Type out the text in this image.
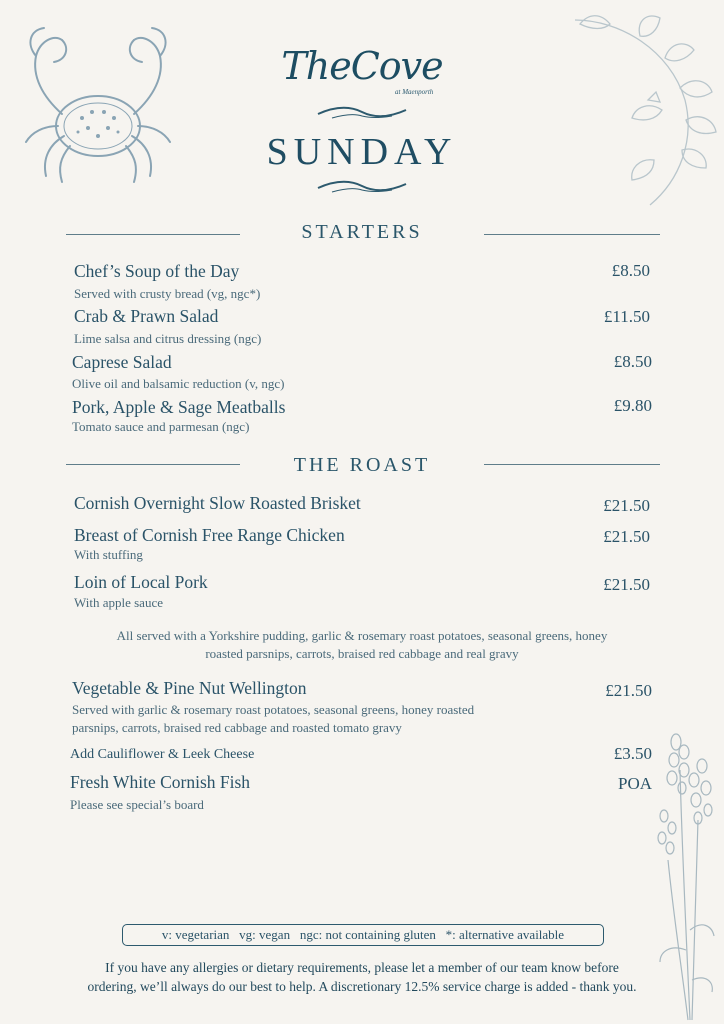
TheCove
at Maenporth
SUNDAY
STARTERS
Chef’s Soup of the Day	£8.50
Served with crusty bread (vg, ngc*)
Crab & Prawn Salad	£11.50
Lime salsa and citrus dressing (ngc)
Caprese Salad	£8.50
Olive oil and balsamic reduction (v, ngc)
Pork, Apple & Sage Meatballs	£9.80
Tomato sauce and parmesan (ngc)
THE ROAST
Cornish Overnight Slow Roasted Brisket	£21.50
Breast of Cornish Free Range Chicken	£21.50
With stuffing
Loin of Local Pork	£21.50
With apple sauce
All served with a Yorkshire pudding, garlic & rosemary roast potatoes, seasonal greens, honey
roasted parsnips, carrots, braised red cabbage and real gravy
Vegetable & Pine Nut Wellington	£21.50
Served with garlic & rosemary roast potatoes, seasonal greens, honey roasted
parsnips, carrots, braised red cabbage and roasted tomato gravy
Add Cauliflower & Leek Cheese	£3.50
Fresh White Cornish Fish	POA
Please see special’s board
v: vegetarian   vg: vegan   ngc: not containing gluten   *: alternative available
If you have any allergies or dietary requirements, please let a member of our team know before
ordering, we’ll always do our best to help. A discretionary 12.5% service charge is added - thank you.
